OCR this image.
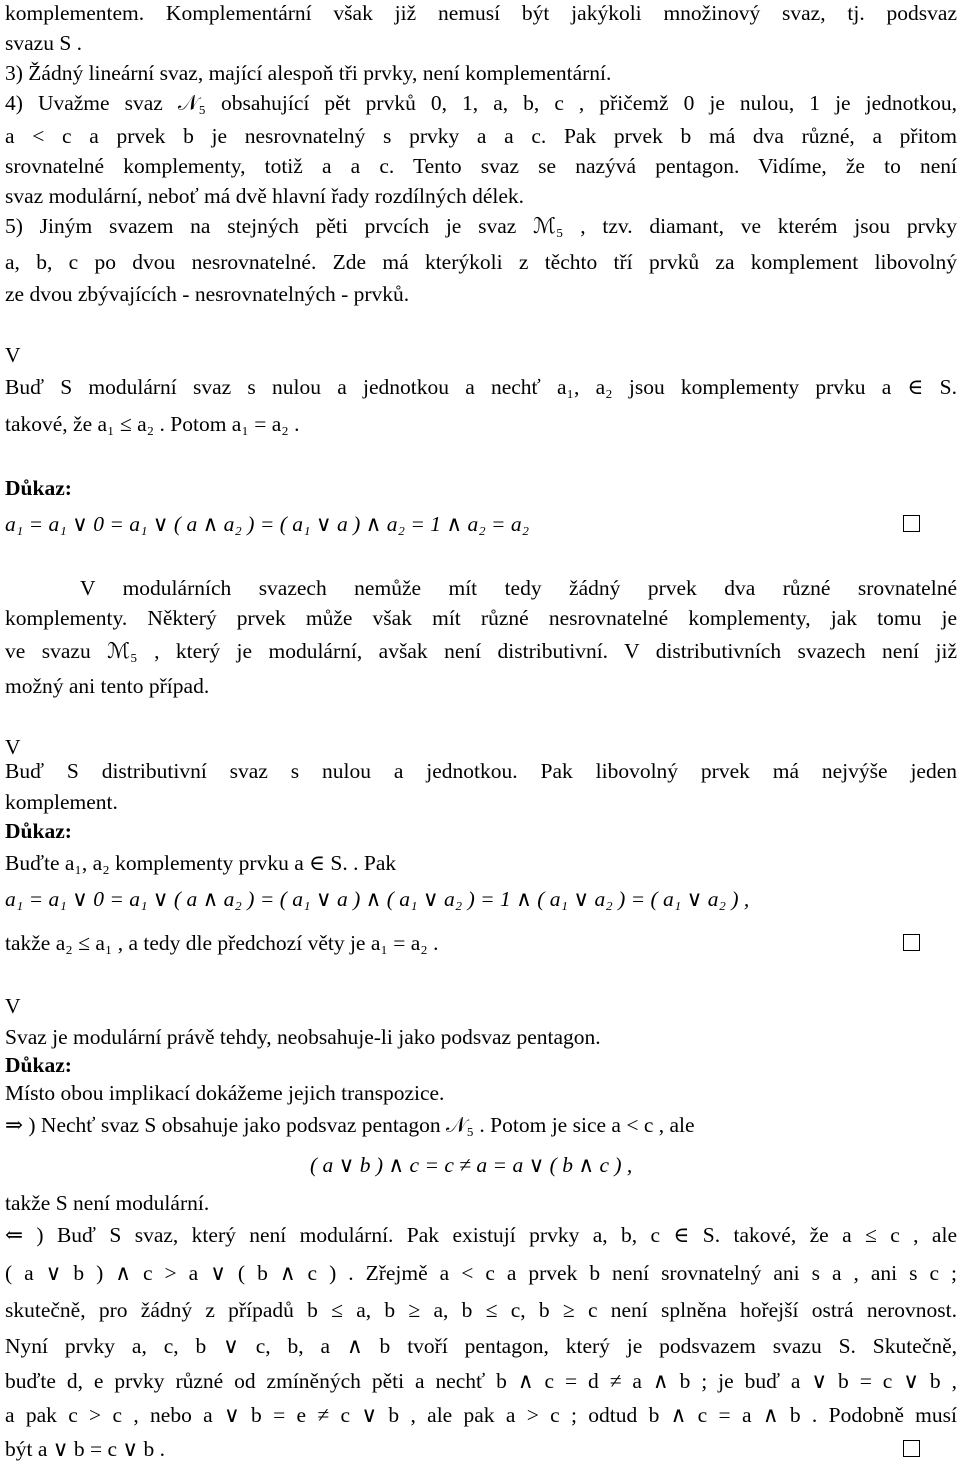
komplementem. Komplementární však již nemusí být jakýkoli množinový svaz, tj. podsvaz
svazu S .
3) Žádný lineární svaz, mající alespoň tři prvky, není komplementární.
4) Uvažme svaz 𝒩₅ obsahující pět prvků 0, 1, a, b, c , přičemž 0 je nulou, 1 je jednotkou,
a < c a prvek b je nesrovnatelný s prvky a a c. Pak prvek b má dva různé, a přitom
srovnatelné komplementy, totiž a a c. Tento svaz se nazývá pentagon. Vidíme, že to není
svaz modulární, neboť má dvě hlavní řady rozdílných délek.
5) Jiným svazem na stejných pěti prvcích je svaz ℳ₅ , tzv. diamant, ve kterém jsou prvky
a, b, c po dvou nesrovnatelné. Zde má kterýkoli z těchto tří prvků za komplement libovolný
ze dvou zbývajících - nesrovnatelných - prvků.
V
Buď S modulární svaz s nulou a jednotkou a nechť a₁, a₂ jsou komplementy prvku a ∈ S.
takové, že a₁ ≤ a₂ . Potom a₁ = a₂ .
Důkaz:
a₁ = a₁ ∨ 0 = a₁ ∨ ( a ∧ a₂ ) = ( a₁ ∨ a ) ∧ a₂ = 1 ∧ a₂ = a₂
V modulárních svazech nemůže mít tedy žádný prvek dva různé srovnatelné
komplementy. Některý prvek může však mít různé nesrovnatelné komplementy, jak tomu je
ve svazu ℳ₅ , který je modulární, avšak není distributivní. V distributivních svazech není již
možný ani tento případ.
V
Buď S distributivní svaz s nulou a jednotkou. Pak libovolný prvek má nejvýše jeden
komplement.
Důkaz:
Buďte a₁, a₂ komplementy prvku a ∈ S. . Pak
a₁ = a₁ ∨ 0 = a₁ ∨ ( a ∧ a₂ ) = ( a₁ ∨ a ) ∧ ( a₁ ∨ a₂ ) = 1 ∧ ( a₁ ∨ a₂ ) = ( a₁ ∨ a₂ ) ,
takže a₂ ≤ a₁ , a tedy dle předchozí věty je a₁ = a₂ .
V
Svaz je modulární právě tehdy, neobsahuje-li jako podsvaz pentagon.
Důkaz:
Místo obou implikací dokážeme jejich transpozice.
⇒ ) Nechť svaz S obsahuje jako podsvaz pentagon 𝒩₅ . Potom je sice a < c , ale
( a ∨ b ) ∧ c = c ≠ a = a ∨ ( b ∧ c ) ,
takže S není modulární.
⇐ ) Buď S svaz, který není modulární. Pak existují prvky a, b, c ∈ S. takové, že a ≤ c , ale
( a ∨ b ) ∧ c > a ∨ ( b ∧ c ) . Zřejmě a < c a prvek b není srovnatelný ani s a , ani s c ;
skutečně, pro žádný z případů b ≤ a, b ≥ a, b ≤ c, b ≥ c není splněna hořejší ostrá nerovnost.
Nyní prvky a, c, b ∨ c, b, a ∧ b tvoří pentagon, který je podsvazem svazu S. Skutečně,
buďte d, e prvky různé od zmíněných pěti a nechť b ∧ c = d ≠ a ∧ b ; je buď a ∨ b = c ∨ b ,
a pak c > c , nebo a ∨ b = e ≠ c ∨ b , ale pak a > c ; odtud b ∧ c = a ∧ b . Podobně musí
být a ∨ b = c ∨ b .
